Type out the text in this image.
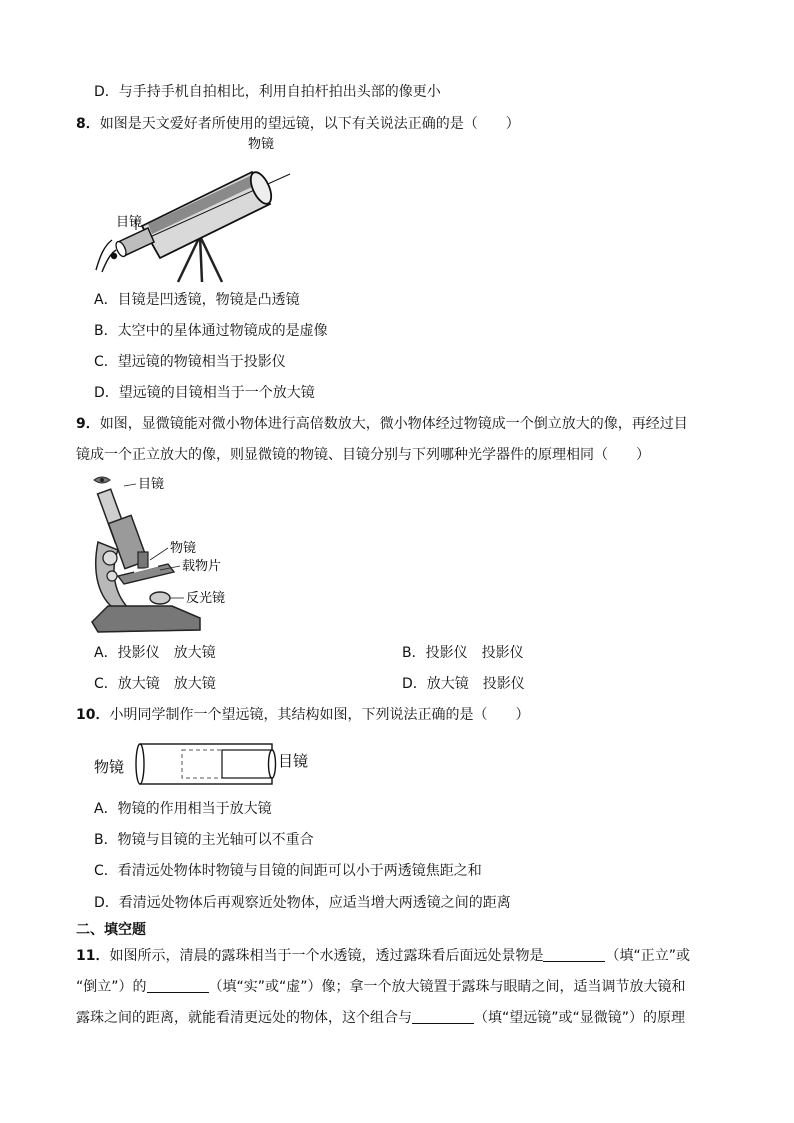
D．与手持手机自拍相比，利用自拍杆拍出头部的像更小
8．如图是天文爱好者所使用的望远镜，以下有关说法正确的是（　　）
物镜
目镜
A．目镜是凹透镜，物镜是凸透镜
B．太空中的星体通过物镜成的是虚像
C．望远镜的物镜相当于投影仪
D．望远镜的目镜相当于一个放大镜
9．如图，显微镜能对微小物体进行高倍数放大，微小物体经过物镜成一个倒立放大的像，再经过目
镜成一个正立放大的像，则显微镜的物镜、目镜分别与下列哪种光学器件的原理相同（　　）
目镜
物镜
载物片
反光镜
A．投影仪　放大镜	B．投影仪　投影仪
C．放大镜　放大镜	D．放大镜　投影仪
10．小明同学制作一个望远镜，其结构如图，下列说法正确的是（　　）
物镜	目镜
A．物镜的作用相当于放大镜
B．物镜与目镜的主光轴可以不重合
C．看清远处物体时物镜与目镜的间距可以小于两透镜焦距之和
D．看清远处物体后再观察近处物体，应适当增大两透镜之间的距离
二、填空题
11．如图所示，清晨的露珠相当于一个水透镜，透过露珠看后面远处景物是	（填“正立”或
“倒立”）的	（填“实”或“虚”）像；拿一个放大镜置于露珠与眼睛之间，适当调节放大镜和
露珠之间的距离，就能看清更远处的物体，这个组合与	（填“望远镜”或“显微镜”）的原理
